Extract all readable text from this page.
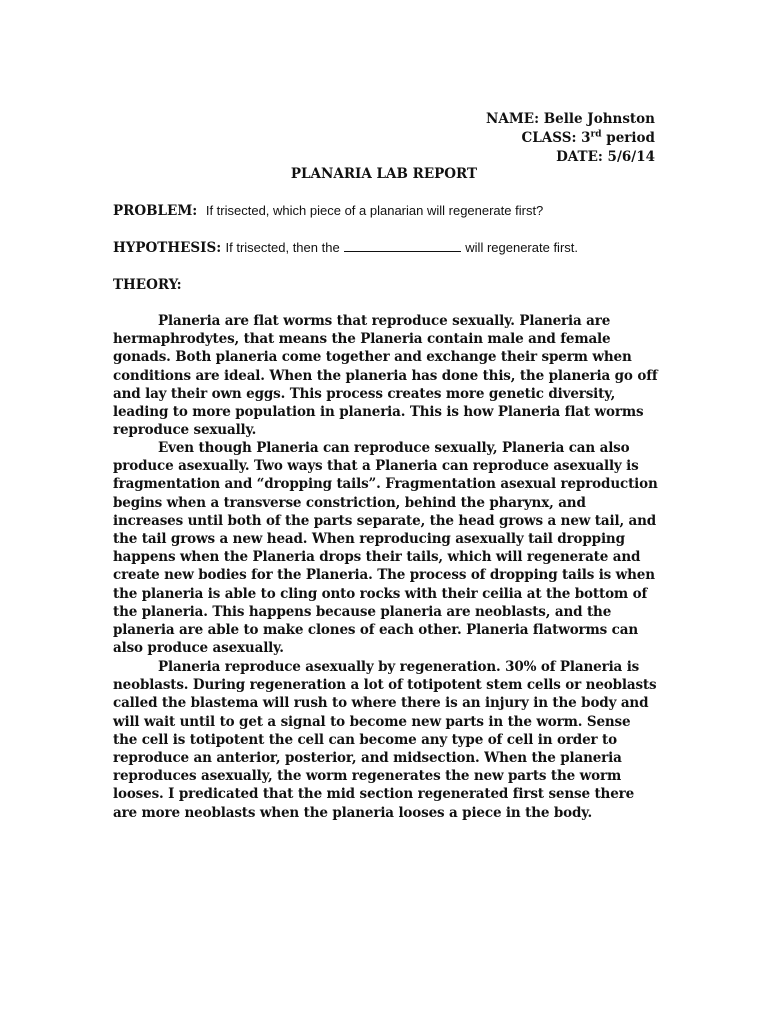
NAME: Belle Johnston
CLASS: 3rd period
DATE: 5/6/14
PLANARIA LAB REPORT
PROBLEM: If trisected, which piece of a planarian will regenerate first?
HYPOTHESIS: If trisected, then the	will regenerate first.
THEORY:

Planeria are flat worms that reproduce sexually. Planeria are hermaphrodytes, that means the Planeria contain male and female gonads. Both planeria come together and exchange their sperm when conditions are ideal. When the planeria has done this, the planeria go off and lay their own eggs. This process creates more genetic diversity, leading to more population in planeria. This is how Planeria flat worms reproduce sexually.

Even though Planeria can reproduce sexually, Planeria can also produce asexually. Two ways that a Planeria can reproduce asexually is fragmentation and “dropping tails”. Fragmentation asexual reproduction begins when a transverse constriction, behind the pharynx, and increases until both of the parts separate, the head grows a new tail, and the tail grows a new head. When reproducing asexually tail dropping happens when the Planeria drops their tails, which will regenerate and create new bodies for the Planeria. The process of dropping tails is when the planeria is able to cling onto rocks with their ceilia at the bottom of the planeria. This happens because planeria are neoblasts, and the planeria are able to make clones of each other. Planeria flatworms can also produce asexually.

Planeria reproduce asexually by regeneration. 30% of Planeria is neoblasts. During regeneration a lot of totipotent stem cells or neoblasts called the blastema will rush to where there is an injury in the body and will wait until to get a signal to become new parts in the worm. Sense the cell is totipotent the cell can become any type of cell in order to reproduce an anterior, posterior, and midsection. When the planeria reproduces asexually, the worm regenerates the new parts the worm looses. I predicated that the mid section regenerated first sense there are more neoblasts when the planeria looses a piece in the body.
